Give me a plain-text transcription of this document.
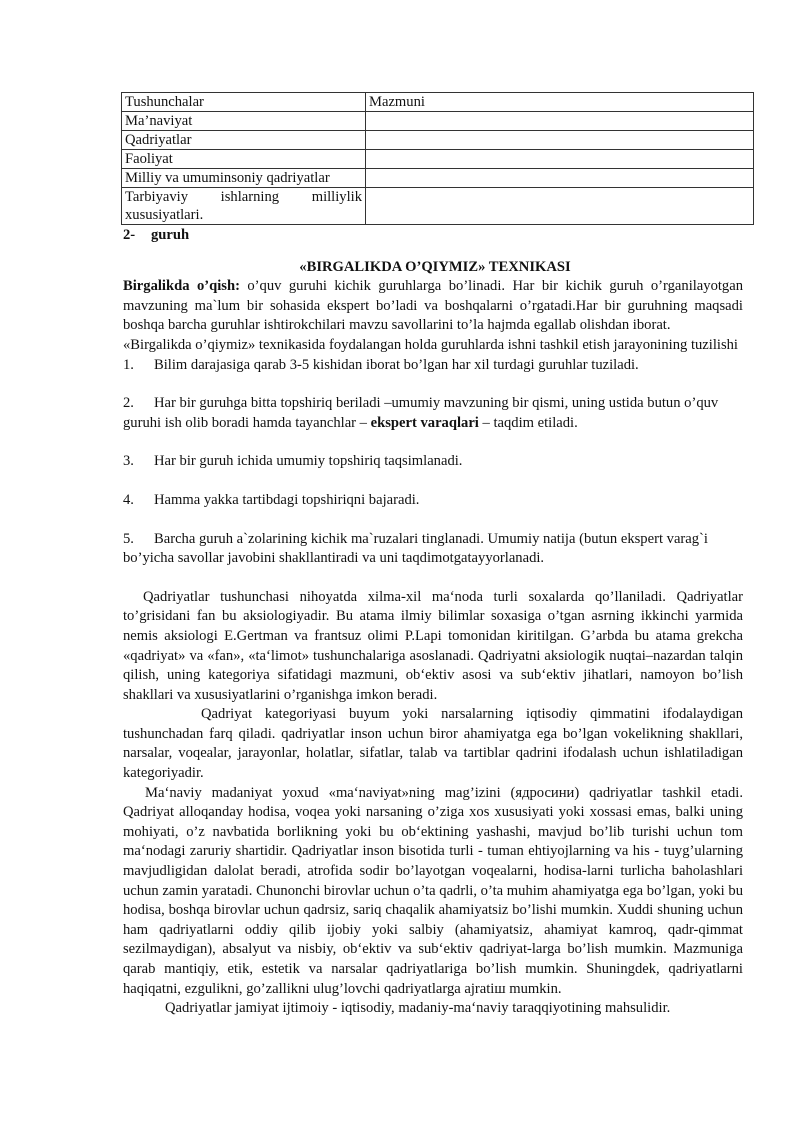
Tushunchalar	Mazmuni
Ma’naviyat	
Qadriyatlar	
Faoliyat	
Milliy va umuminsoniy qadriyatlar	
Tarbiyaviy ishlarning milliylik xususiyatlari.	
2- guruh
«BIRGALIKDA O’QIYMIZ» TEXNIKASI

Birgalikda o’qish: o’quv guruhi kichik guruhlarga bo’linadi. Har bir kichik guruh o’rganilayotgan mavzuning ma`lum bir sohasida ekspert bo’ladi va boshqalarni o’rgatadi.Har bir guruhning maqsadi boshqa barcha guruhlar ishtirokchilari mavzu savollarini to’la hajmda egallab olishdan iborat.

«Birgalikda o’qiymiz» texnikasida foydalangan holda guruhlarda ishni tashkil etish jarayonining tuzilishi

1. Bilim darajasiga qarab 3-5 kishidan iborat bo’lgan har xil turdagi guruhlar tuziladi.

2. Har bir guruhga bitta topshiriq beriladi –umumiy mavzuning bir qismi, uning ustida butun o’quv guruhi ish olib boradi hamda tayanchlar – ekspert varaqlari – taqdim etiladi.

3. Har bir guruh ichida umumiy topshiriq taqsimlanadi.

4. Hamma yakka tartibdagi topshiriqni bajaradi.

5. Barcha guruh a`zolarining kichik ma`ruzalari tinglanadi. Umumiy natija (butun ekspert varag`i bo’yicha savollar javobini shakllantiradi va uni taqdimotgatayyorlanadi.

Qadriyatlar tushunchasi nihoyatda xilma-xil ma‘noda turli soxalarda qo’llaniladi. Qadriyatlar to’grisidani fan bu aksiologiyadir. Bu atama ilmiy bilimlar soxasiga o’tgan asrning ikkinchi yarmida nemis aksiologi E.Gertman va frantsuz olimi P.Lapi tomonidan kiritilgan. G’arbda bu atama grekcha «qadriyat» va «fan», «ta‘limot» tushunchalariga asoslanadi. Qadriyatni aksiologik nuqtai–nazardan talqin qilish, uning kategoriya sifatidagi mazmuni, ob‘ektiv asosi va sub‘ektiv jihatlari, namoyon bo’lish shakllari va xususiyatlarini o’rganishga imkon beradi.

Qadriyat kategoriyasi buyum yoki narsalarning iqtisodiy qimmatini ifodalaydigan tushunchadan farq qiladi. qadriyatlar inson uchun biror ahamiyatga ega bo’lgan vokelikning shakllari, narsalar, voqealar, jarayonlar, holatlar, sifatlar, talab va tartiblar qadrini ifodalash uchun ishlatiladigan kategoriyadir.

Ma‘naviy madaniyat yoxud «ma‘naviyat»ning mag’izini (ядросини) qadriyatlar tashkil etadi. Qadriyat alloqanday hodisa, voqea yoki narsaning o’ziga xos xususiyati yoki xossasi emas, balki uning mohiyati, o’z navbatida borlikning yoki bu ob‘ektining yashashi, mavjud bo’lib turishi uchun tom ma‘nodagi zaruriy shartidir. Qadriyatlar inson bisotida turli - tuman ehtiyojlarning va his - tuyg’ularning mavjudligidan dalolat beradi, atrofida sodir bo’layotgan voqealarni, hodisa-larni turlicha baholashlari uchun zamin yaratadi. Chunonchi birovlar uchun o’ta qadrli, o’ta muhim ahamiyatga ega bo’lgan, yoki bu hodisa, boshqa birovlar uchun qadrsiz, sariq chaqalik ahamiyatsiz bo’lishi mumkin. Xuddi shuning uchun ham qadriyatlarni oddiy qilib ijobiy yoki salbiy (ahamiyatsiz, ahamiyat kamroq, qadr-qimmat sezilmaydigan), absalyut va nisbiy, ob‘ektiv va sub‘ektiv qadriyat-larga bo’lish mumkin. Mazmuniga qarab mantiqiy, etik, estetik va narsalar qadriyatlariga bo’lish mumkin. Shuningdek, qadriyatlarni haqiqatni, ezgulikni, go’zallikni ulug’lovchi qadriyatlarga ajratiш mumkin.

Qadriyatlar jamiyat ijtimoiy - iqtisodiy, madaniy-ma‘naviy taraqqiyotining mahsulidir.
